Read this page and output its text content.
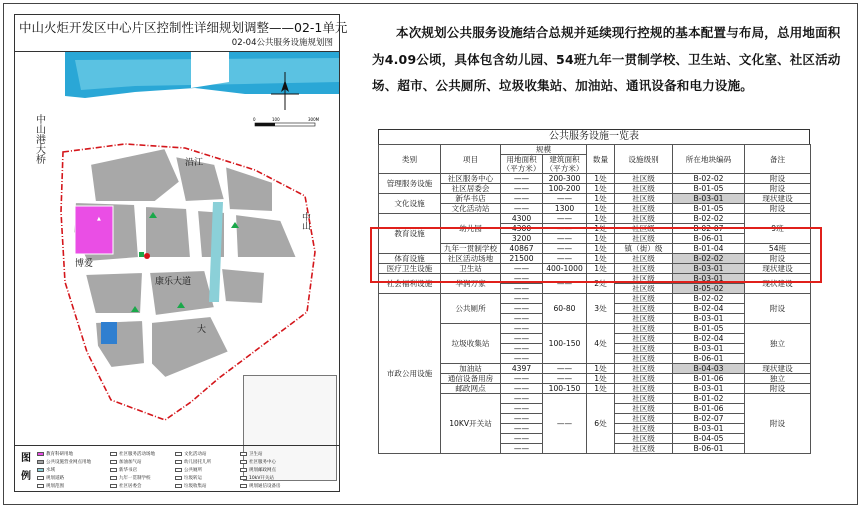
中山火炬开发区中心片区控制性详细规划调整——02-1单元
02-04公共服务设施规划图
0	100	300M
▲
中山港大桥	沿江
中山
博爱
康乐大道
大
图例
教育科研用地
公共设施营业网点用地
水域
规划道路
规划范围
社区服务活动场地
加油加气站
新华书店
九年一贯制学校
社区居委会
文化活动站
幼儿园托儿所
公共厕所
垃圾转运
垃圾收集站
卫生站
社区服务中心
规划邮政网点
10kV开关站
规划通信设备房
本次规划公共服务设施结合总规并延续现行控规的基本配置与布局，总用地面积为4.09公顷，具体包含幼儿园、54班九年一贯制学校、卫生站、文化室、社区活动场、超市、公共厕所、垃圾收集站、加油站、通讯设备和电力设施。
公共服务设施一览表
类别	项目	规模		数量	设施级别	所在地块编码	备注
		用地面积（平方米）	建筑面积（平方米）				

管理服务设施	社区服务中心	——	200-300	1处	社区级	B-02-02	附设
	社区居委会	——	100-200	1处	社区级	B-01-05	附设
文化设施	新华书店	——	——	1处	社区级	B-03-01	现状建设
	文化活动站	——	1300	1处	社区级	B-01-05	附设
教育设施	幼儿园	4300	——	1处	社区级	B-02-02	9班
		4300	——	1处	社区级	B-02-07	
		3200	——	1处	社区级	B-06-01	
	九年一贯制学校	40867	——	1处	镇（街）级	B-01-04	54班

体育设施	社区活动场地	21500	——	1处	社区级	B-02-02	附设
医疗卫生设施	卫生站	——	400-1000	1处	社区级	B-03-01	现状建设
社会福利设施	华润万家	——	——	2处	社区级	B-03-01	现状建设
		——			社区级	B-05-02	
市政公用设施	公共厕所	——	60-80	3处	社区级	B-02-02	附设
		——			社区级	B-02-04	
		——			社区级	B-03-01	
	垃圾收集站	——	100-150	4处	社区级	B-01-05	独立
		——			社区级	B-02-04	
		——			社区级	B-03-01	
		——			社区级	B-06-01	
	加油站	4397	——	1处	社区级	B-04-03	现状建设
	通信设备用房	——	——	1处	社区级	B-01-06	独立
	邮政网点	——	100-150	1处	社区级	B-03-01	附设
	10KV开关站	——	——	6处	社区级	B-01-02	附设
		——			社区级	B-01-06	
		——			社区级	B-02-07	
		——			社区级	B-03-01	
		——			社区级	B-04-05	
		——			社区级	B-06-01	
